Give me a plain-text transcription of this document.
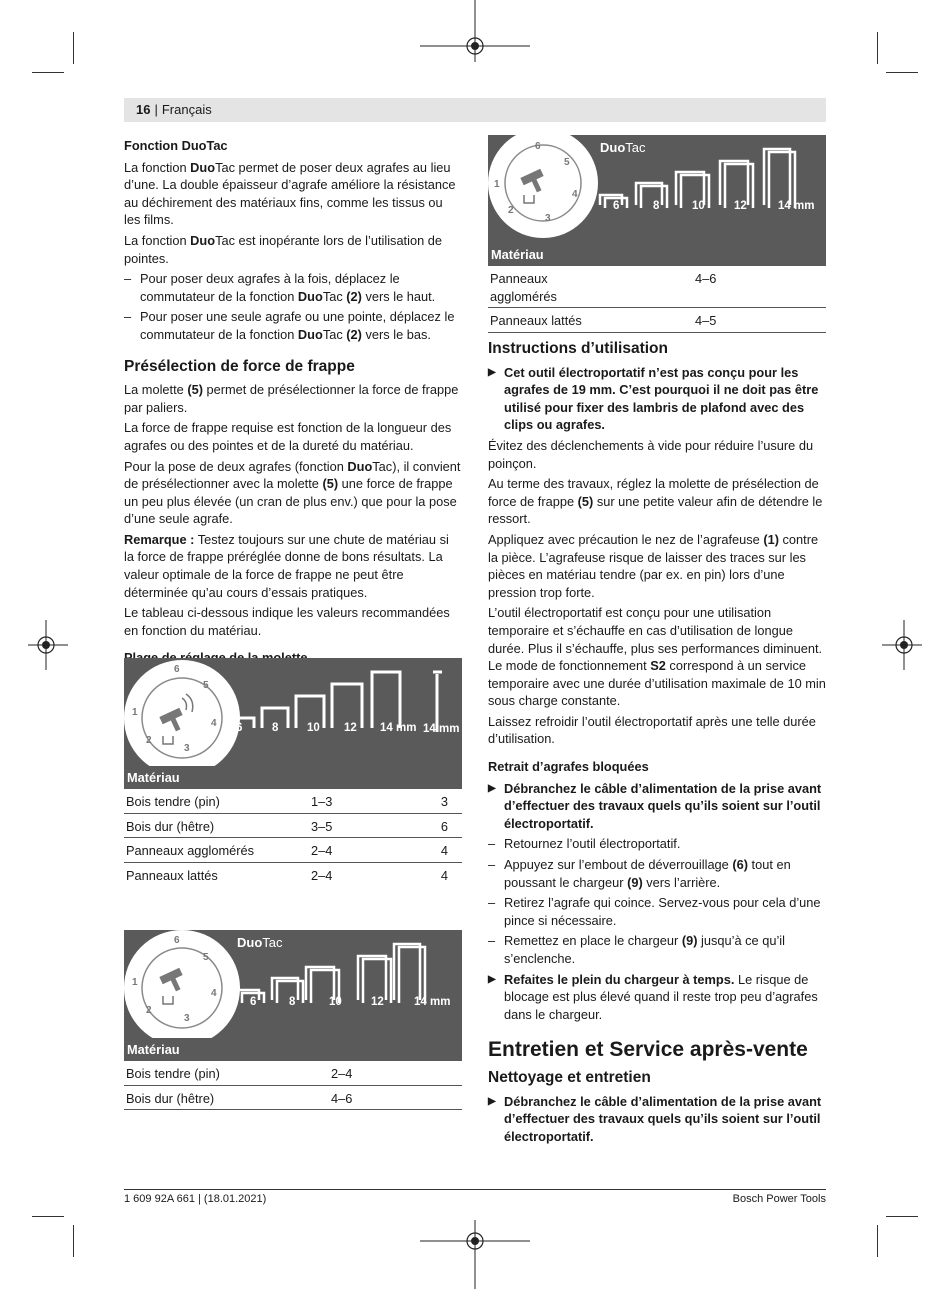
16 | Français
Fonction DuoTac

La fonction DuoTac permet de poser deux agrafes au lieu d’une. La double épaisseur d’agrafe améliore la résistance au déchirement des matériaux fins, comme les tissus ou les films.

La fonction DuoTac est inopérante lors de l’utilisation de pointes.

– Pour poser deux agrafes à la fois, déplacez le commutateur de la fonction DuoTac (2) vers le haut.
– Pour poser une seule agrafe ou une pointe, déplacez le commutateur de la fonction DuoTac (2) vers le bas.
Présélection de force de frappe

La molette (5) permet de présélectionner la force de frappe par paliers.

La force de frappe requise est fonction de la longueur des agrafes ou des pointes et de la dureté du matériau.

Pour la pose de deux agrafes (fonction DuoTac), il convient de présélectionner avec la molette (5) une force de frappe un peu plus élevée (un cran de plus env.) que pour la pose d’une seule agrafe.

Remarque : Testez toujours sur une chute de matériau si la force de frappe préréglée donne de bons résultats. La valeur optimale de la force de frappe ne peut être déterminée qu’au cours d’essais pratiques.

Le tableau ci-dessous indique les valeurs recommandées en fonction du matériau.

6
5
4
3
2
1
6	8 10 12 14 mm 14 mm
Matériau
Bois tendre (pin)	1–3	3
Bois dur (hêtre)	3–5	6
Panneaux agglomérés	2–4	4
Panneaux lattés	2–4	4
6
5
4
3
2
1
DuoTac
6	8	10	12	14 mm
Matériau
Bois tendre (pin)	2–4
Bois dur (hêtre)	4–6
6
5
4
3
2
1
DuoTac
6	8	10	12	14 mm
Matériau
Panneaux agglomérés	4–6
Panneaux lattés	4–5
Instructions d’utilisation
▶ Cet outil électroportatif n’est pas conçu pour les agrafes de 19 mm. C’est pourquoi il ne doit pas être utilisé pour fixer des lambris de plafond avec des clips ou agrafes.

Évitez des déclenchements à vide pour réduire l’usure du poinçon.

Au terme des travaux, réglez la molette de présélection de force de frappe (5) sur une petite valeur afin de détendre le ressort.

Appliquez avec précaution le nez de l’agrafeuse (1) contre la pièce. L’agrafeuse risque de laisser des traces sur les pièces en matériau tendre (par ex. en pin) lors d’une pression trop forte.

L’outil électroportatif est conçu pour une utilisation temporaire et s’échauffe en cas d’utilisation de longue durée. Plus il s’échauffe, plus ses performances diminuent. Le mode de fonctionnement S2 correspond à un service temporaire avec une durée d’utilisation maximale de 10 min sous charge constante.

Laissez refroidir l’outil électroportatif après une telle durée d’utilisation.

Retrait d’agrafes bloquées
▶ Débranchez le câble d’alimentation de la prise avant d’effectuer des travaux quels qu’ils soient sur l’outil électroportatif.
– Retournez l’outil électroportatif.
– Appuyez sur l’embout de déverrouillage (6) tout en poussant le chargeur (9) vers l’arrière.
– Retirez l’agrafe qui coince. Servez-vous pour cela d’une pince si nécessaire.
– Remettez en place le chargeur (9) jusqu’à ce qu’il s’enclenche.
▶ Refaites le plein du chargeur à temps. Le risque de blocage est plus élevé quand il reste trop peu d’agrafes dans le chargeur.
Entretien et Service après-vente
Nettoyage et entretien
▶ Débranchez le câble d’alimentation de la prise avant d’effectuer des travaux quels qu’ils soient sur l’outil électroportatif.
1 609 92A 661 | (18.01.2021)	Bosch Power Tools
